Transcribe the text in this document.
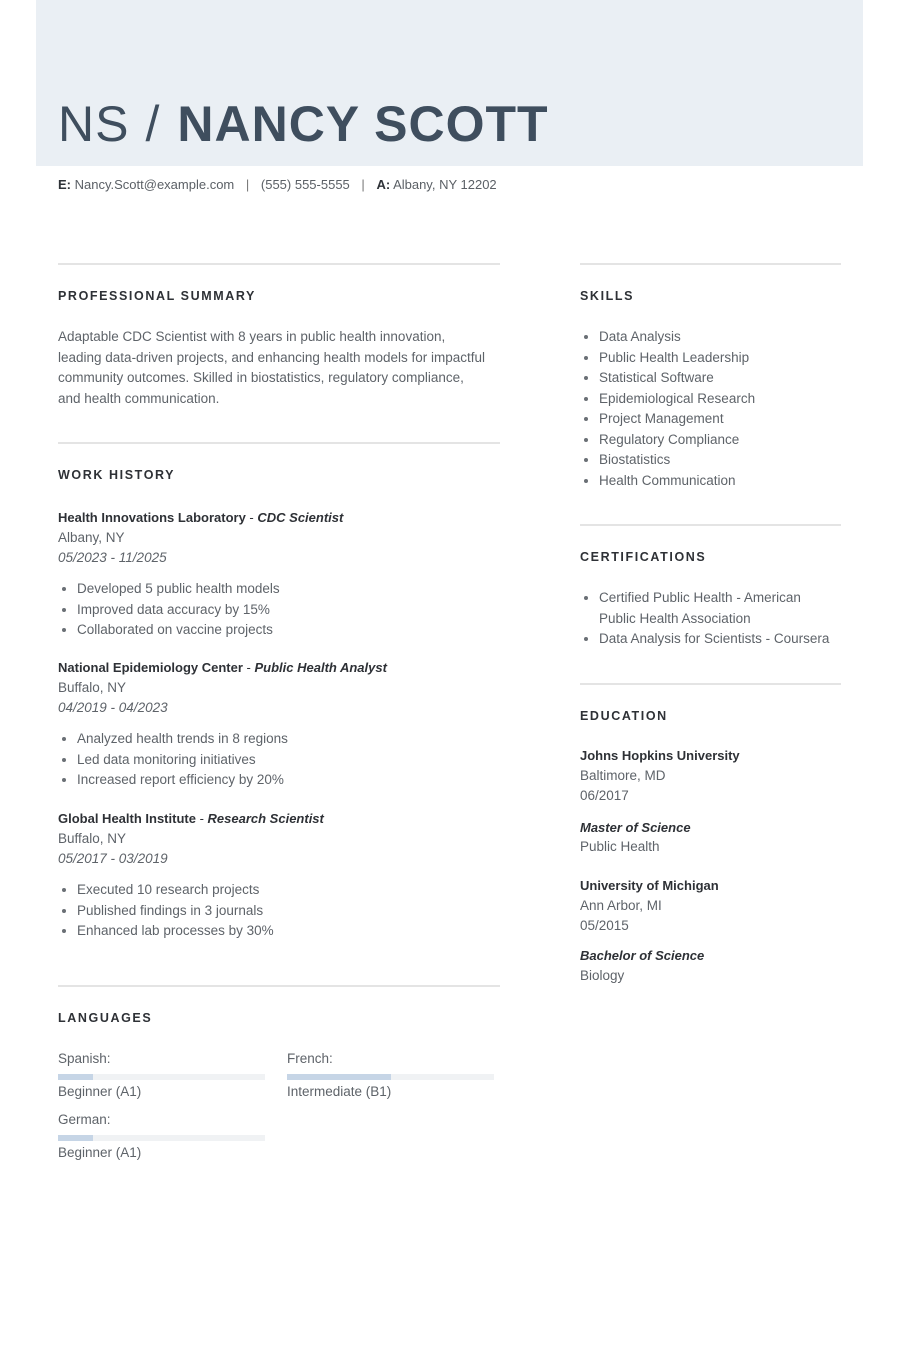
NS / NANCY SCOTT
E: Nancy.Scott@example.com | (555) 555-5555 | A: Albany, NY 12202
PROFESSIONAL SUMMARY
Adaptable CDC Scientist with 8 years in public health innovation, leading data-driven projects, and enhancing health models for impactful community outcomes. Skilled in biostatistics, regulatory compliance, and health communication.
WORK HISTORY
Health Innovations Laboratory - CDC Scientist
Albany, NY
05/2023 - 11/2025
Developed 5 public health models
Improved data accuracy by 15%
Collaborated on vaccine projects
National Epidemiology Center - Public Health Analyst
Buffalo, NY
04/2019 - 04/2023
Analyzed health trends in 8 regions
Led data monitoring initiatives
Increased report efficiency by 20%
Global Health Institute - Research Scientist
Buffalo, NY
05/2017 - 03/2019
Executed 10 research projects
Published findings in 3 journals
Enhanced lab processes by 30%
LANGUAGES
Spanish:
Beginner (A1)
French:
Intermediate (B1)
German:
Beginner (A1)
SKILLS
Data Analysis
Public Health Leadership
Statistical Software
Epidemiological Research
Project Management
Regulatory Compliance
Biostatistics
Health Communication
CERTIFICATIONS
Certified Public Health - American Public Health Association
Data Analysis for Scientists - Coursera
EDUCATION
Johns Hopkins University
Baltimore, MD
06/2017
Master of Science
Public Health
University of Michigan
Ann Arbor, MI
05/2015
Bachelor of Science
Biology
